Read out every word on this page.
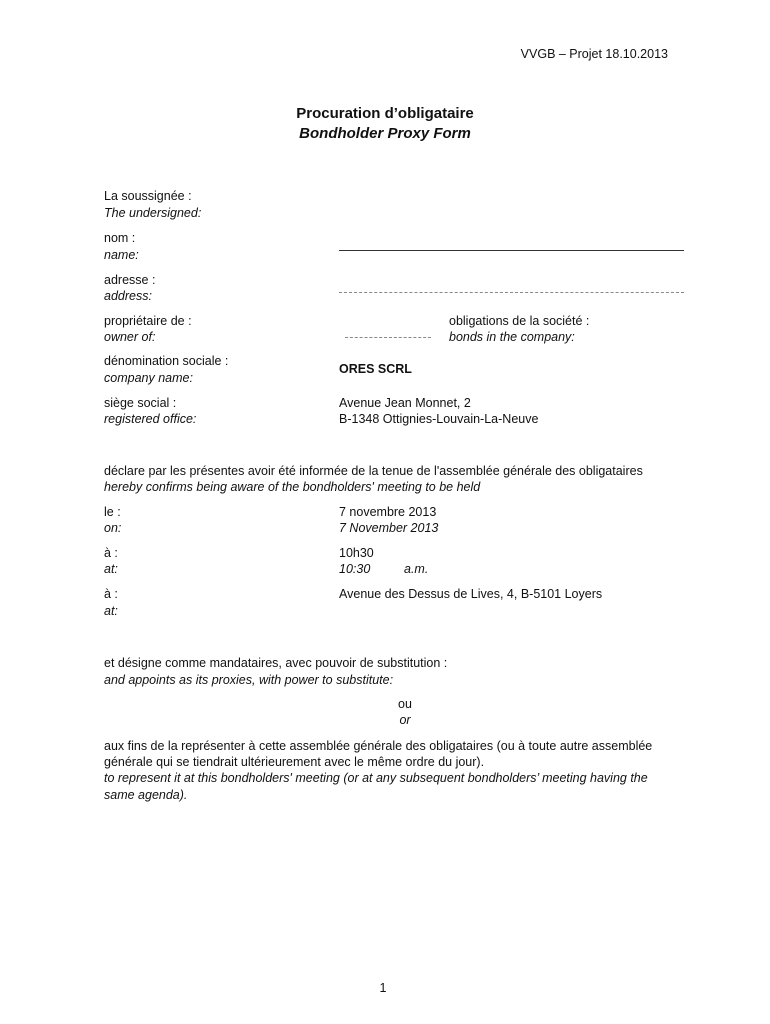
VVGB – Projet 18.10.2013
Procuration d’obligataire
Bondholder Proxy Form
La soussignée :
The undersigned:
nom :
name:
adresse :
address:
propriétaire de :
owner of:
obligations de la société :
bonds in the company:
dénomination sociale :
company name:
ORES SCRL
siège social :
registered office:
Avenue Jean Monnet, 2
B-1348 Ottignies-Louvain-La-Neuve
déclare par les présentes avoir été informée de la tenue de l'assemblée générale des obligataires
hereby confirms being aware of the bondholders' meeting to be held
le :
on:
7 novembre 2013
7 November 2013
à :
at:
10h30
10:30	a.m.
à :
at:
Avenue des Dessus de Lives, 4, B-5101 Loyers
et désigne comme mandataires, avec pouvoir de substitution :
and appoints as its proxies, with power to substitute:
ou
or
aux fins de la représenter à cette assemblée générale des obligataires (ou à toute autre assemblée
générale qui se tiendrait ultérieurement avec le même ordre du jour).
to represent it at this bondholders' meeting (or at any subsequent bondholders’ meeting having the
same agenda).
1
